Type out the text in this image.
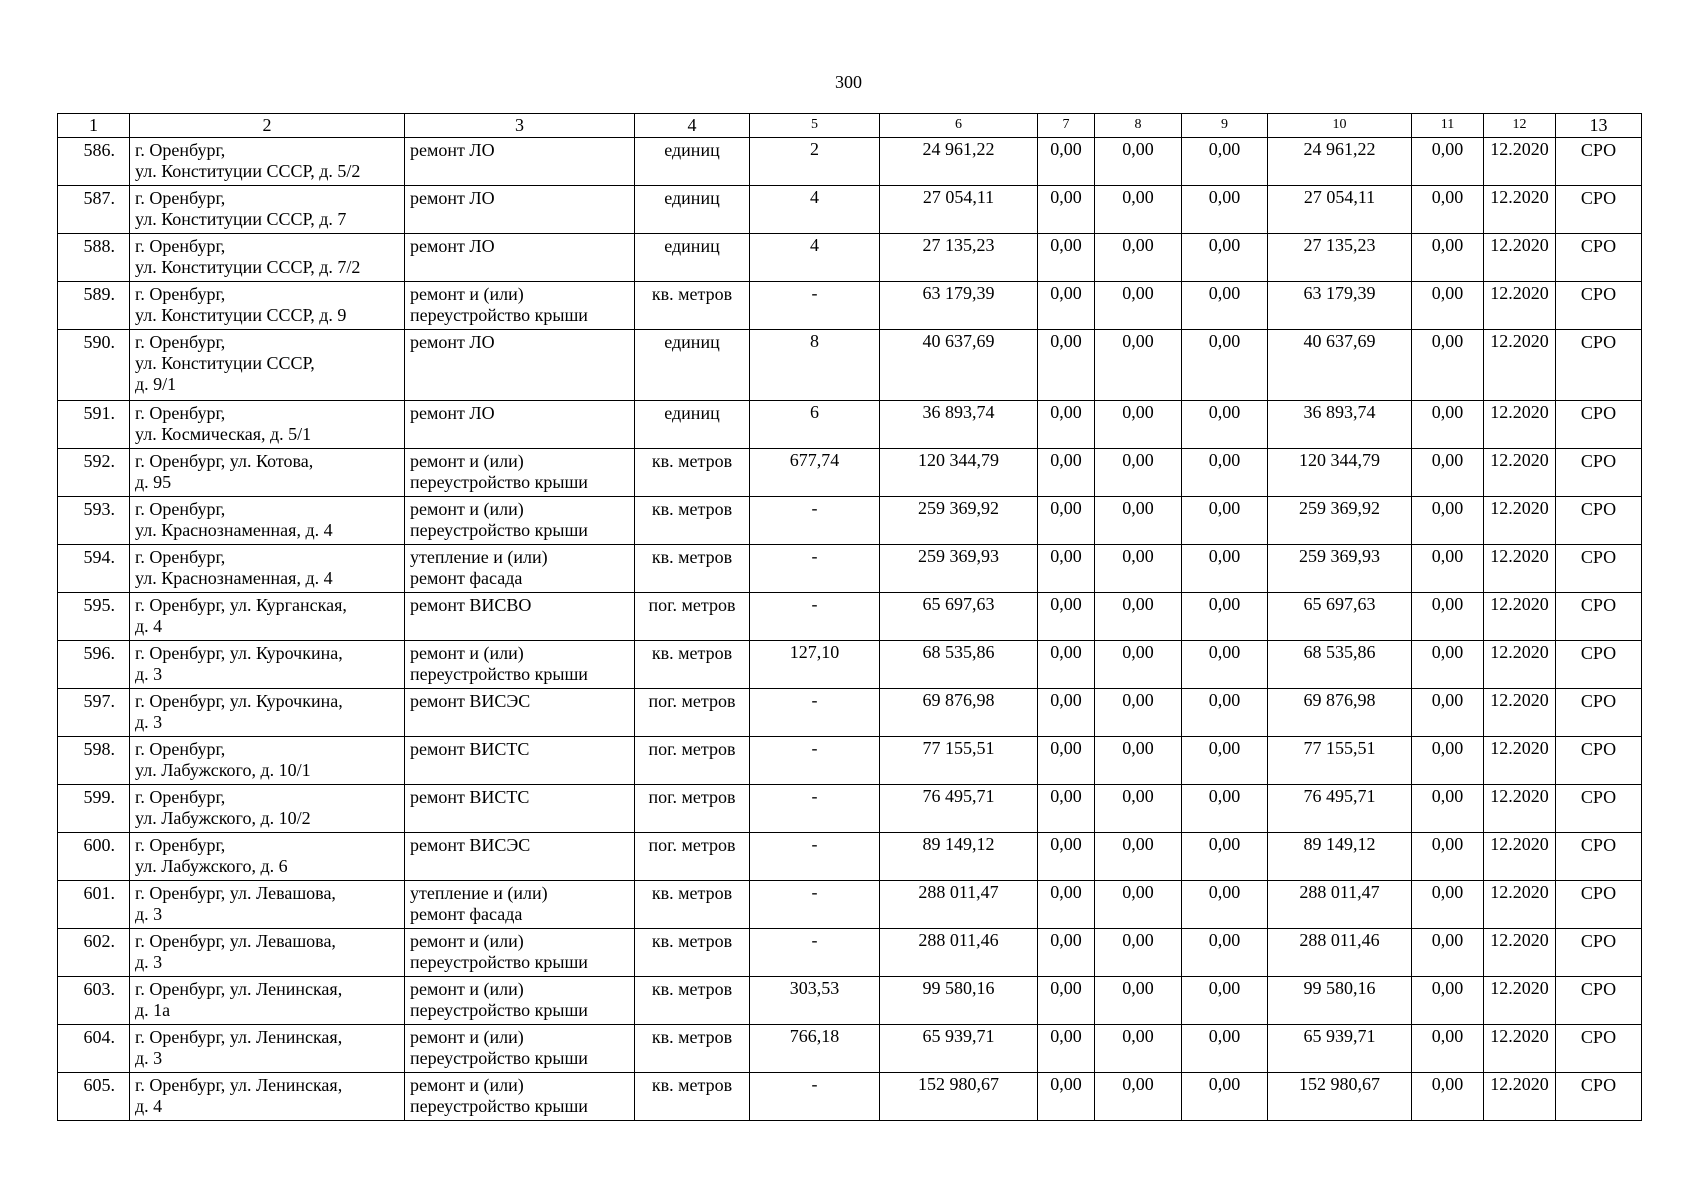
300
1	2	3	4	5	6	7	8	9	10	11	12	13
586.	г. Оренбург,
ул. Конституции СССР, д. 5/2	ремонт ЛО	единиц	2	24 961,22	0,00	0,00	0,00	24 961,22	0,00	12.2020	СРО
587.	г. Оренбург,
ул. Конституции СССР, д. 7	ремонт ЛО	единиц	4	27 054,11	0,00	0,00	0,00	27 054,11	0,00	12.2020	СРО
588.	г. Оренбург,
ул. Конституции СССР, д. 7/2	ремонт ЛО	единиц	4	27 135,23	0,00	0,00	0,00	27 135,23	0,00	12.2020	СРО
589.	г. Оренбург,
ул. Конституции СССР, д. 9	ремонт и (или)
переустройство крыши	кв. метров	-	63 179,39	0,00	0,00	0,00	63 179,39	0,00	12.2020	СРО
590.	г. Оренбург,
ул. Конституции СССР,
д. 9/1	ремонт ЛО	единиц	8	40 637,69	0,00	0,00	0,00	40 637,69	0,00	12.2020	СРО
591.	г. Оренбург,
ул. Космическая, д. 5/1	ремонт ЛО	единиц	6	36 893,74	0,00	0,00	0,00	36 893,74	0,00	12.2020	СРО
592.	г. Оренбург, ул. Котова,
д. 95	ремонт и (или)
переустройство крыши	кв. метров	677,74	120 344,79	0,00	0,00	0,00	120 344,79	0,00	12.2020	СРО
593.	г. Оренбург,
ул. Краснознаменная, д. 4	ремонт и (или)
переустройство крыши	кв. метров	-	259 369,92	0,00	0,00	0,00	259 369,92	0,00	12.2020	СРО
594.	г. Оренбург,
ул. Краснознаменная, д. 4	утепление и (или)
ремонт фасада	кв. метров	-	259 369,93	0,00	0,00	0,00	259 369,93	0,00	12.2020	СРО
595.	г. Оренбург, ул. Курганская,
д. 4	ремонт ВИСВО	пог. метров	-	65 697,63	0,00	0,00	0,00	65 697,63	0,00	12.2020	СРО
596.	г. Оренбург, ул. Курочкина,
д. 3	ремонт и (или)
переустройство крыши	кв. метров	127,10	68 535,86	0,00	0,00	0,00	68 535,86	0,00	12.2020	СРО
597.	г. Оренбург, ул. Курочкина,
д. 3	ремонт ВИСЭС	пог. метров	-	69 876,98	0,00	0,00	0,00	69 876,98	0,00	12.2020	СРО
598.	г. Оренбург,
ул. Лабужского, д. 10/1	ремонт ВИСТС	пог. метров	-	77 155,51	0,00	0,00	0,00	77 155,51	0,00	12.2020	СРО
599.	г. Оренбург,
ул. Лабужского, д. 10/2	ремонт ВИСТС	пог. метров	-	76 495,71	0,00	0,00	0,00	76 495,71	0,00	12.2020	СРО
600.	г. Оренбург,
ул. Лабужского, д. 6	ремонт ВИСЭС	пог. метров	-	89 149,12	0,00	0,00	0,00	89 149,12	0,00	12.2020	СРО
601.	г. Оренбург, ул. Левашова,
д. 3	утепление и (или)
ремонт фасада	кв. метров	-	288 011,47	0,00	0,00	0,00	288 011,47	0,00	12.2020	СРО
602.	г. Оренбург, ул. Левашова,
д. 3	ремонт и (или)
переустройство крыши	кв. метров	-	288 011,46	0,00	0,00	0,00	288 011,46	0,00	12.2020	СРО
603.	г. Оренбург, ул. Ленинская,
д. 1а	ремонт и (или)
переустройство крыши	кв. метров	303,53	99 580,16	0,00	0,00	0,00	99 580,16	0,00	12.2020	СРО
604.	г. Оренбург, ул. Ленинская,
д. 3	ремонт и (или)
переустройство крыши	кв. метров	766,18	65 939,71	0,00	0,00	0,00	65 939,71	0,00	12.2020	СРО
605.	г. Оренбург, ул. Ленинская,
д. 4	ремонт и (или)
переустройство крыши	кв. метров	-	152 980,67	0,00	0,00	0,00	152 980,67	0,00	12.2020	СРО
